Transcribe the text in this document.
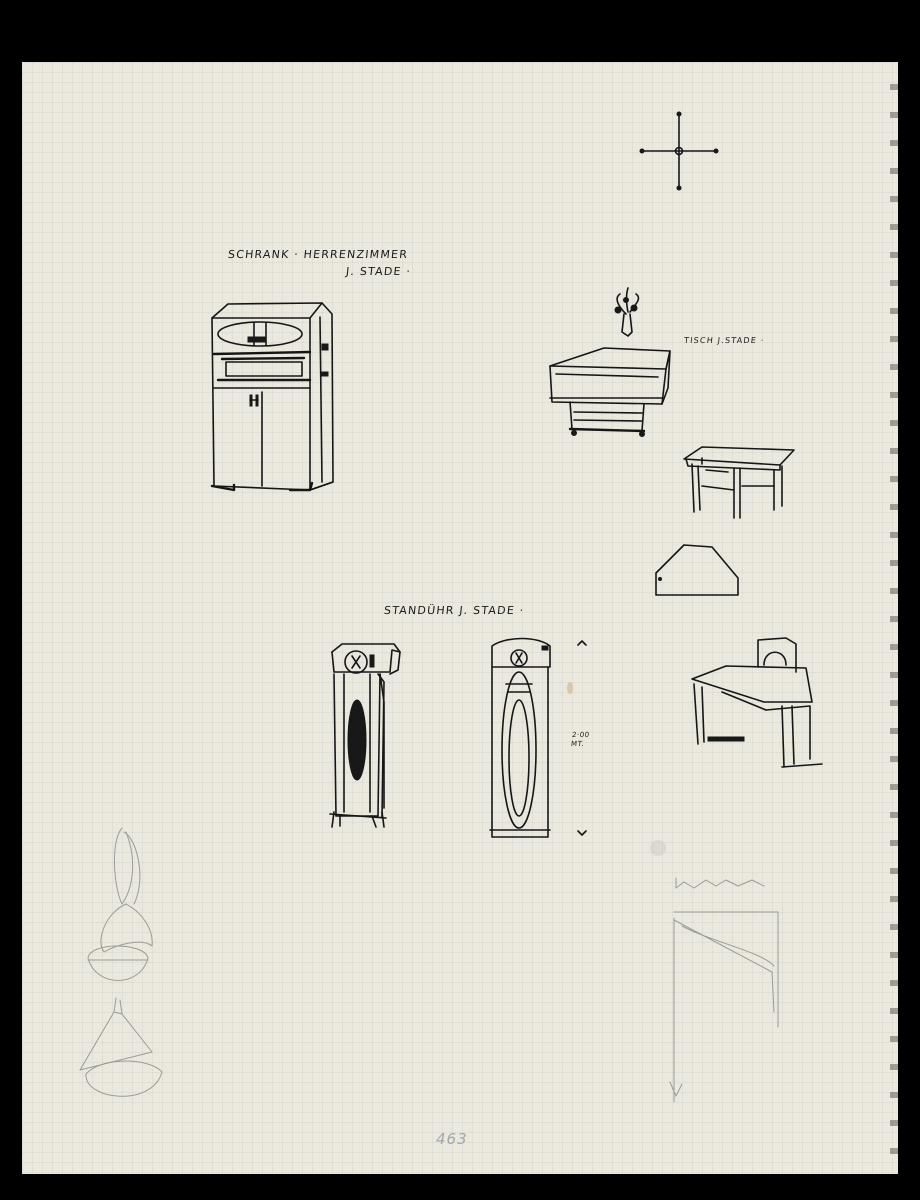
SCHRANK · HERRENZIMMER
J. STADE ·
TISCH J.STADE ·
STANDÜHR J. STADE ·
2·00
MT.
463
